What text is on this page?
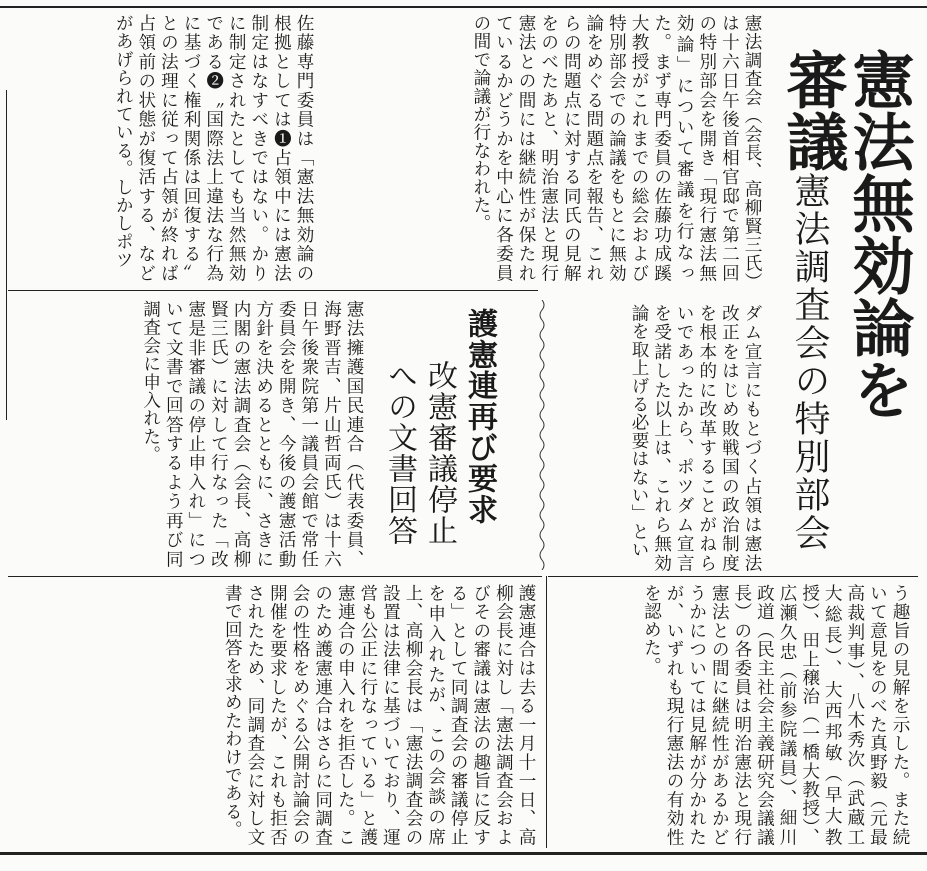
憲法無効論を審議
憲法調査会の特別部会
憲法調査会（会長、高柳賢三氏）は十六日午後首相官邸で第二回の特別部会を開き「現行憲法無効論」について審議を行なった。まず専門委員の佐藤功成蹊大教授がこれまでの総会および特別部会での論議をもとに無効論をめぐる問題点を報告、これらの問題点に対する同氏の見解をのべたあと、明治憲法と現行憲法との間には継続性が保たれているかどうかを中心に各委員の間で論議が行なわれた。
佐藤専門委員は「憲法無効論の根拠としては❶占領中には憲法制定はなすべきではない。かりに制定されたとしても当然無効である❷〝国際法上違法な行為に基づく権利関係は回復する〟との法理に従って占領が終れば占領前の状態が復活する、などがあげられている。しかしポツ
ダム宣言にもとづく占領は憲法改正をはじめ敗戦国の政治制度を根本的に改革することがねらいであったから、ポツダム宣言を受諾した以上は、これら無効論を取上げる必要はない」とい
護憲連再び要求
改憲審議停止
への文書回答
憲法擁護国民連合（代表委員、海野晋吉、片山哲両氏）は十六日午後衆院第一議員会館で常任委員会を開き、今後の護憲活動方針を決めるとともに、さきに内閣の憲法調査会（会長、高柳賢三氏）に対して行なった「改憲是非審議の停止申入れ」について文書で回答するよう再び同調査会に申入れた。
う趣旨の見解を示した。また続いて意見をのべた真野毅（元最高裁判事）、八木秀次（武蔵工大総長）、大西邦敏（早大教授）、田上穣治（一橋大教授）、広瀬久忠（前参院議員）、細川政道（民主社会主義研究会議議長）の各委員は明治憲法と現行憲法との間に継続性があるかどうかについては見解が分かれたが、いずれも現行憲法の有効性を認めた。
護憲連合は去る一月十一日、高柳会長に対し「憲法調査会およびその審議は憲法の趣旨に反する」として同調査会の審議停止を申入れたが、この会談の席上、高柳会長は「憲法調査会の設置は法律に基づいており、運営も公正に行なっている」と護憲連合の申入れを拒否した。このため護憲連合はさらに同調査会の性格をめぐる公開討論会の開催を要求したが、これも拒否されたため、同調査会に対し文書で回答を求めたわけである。
